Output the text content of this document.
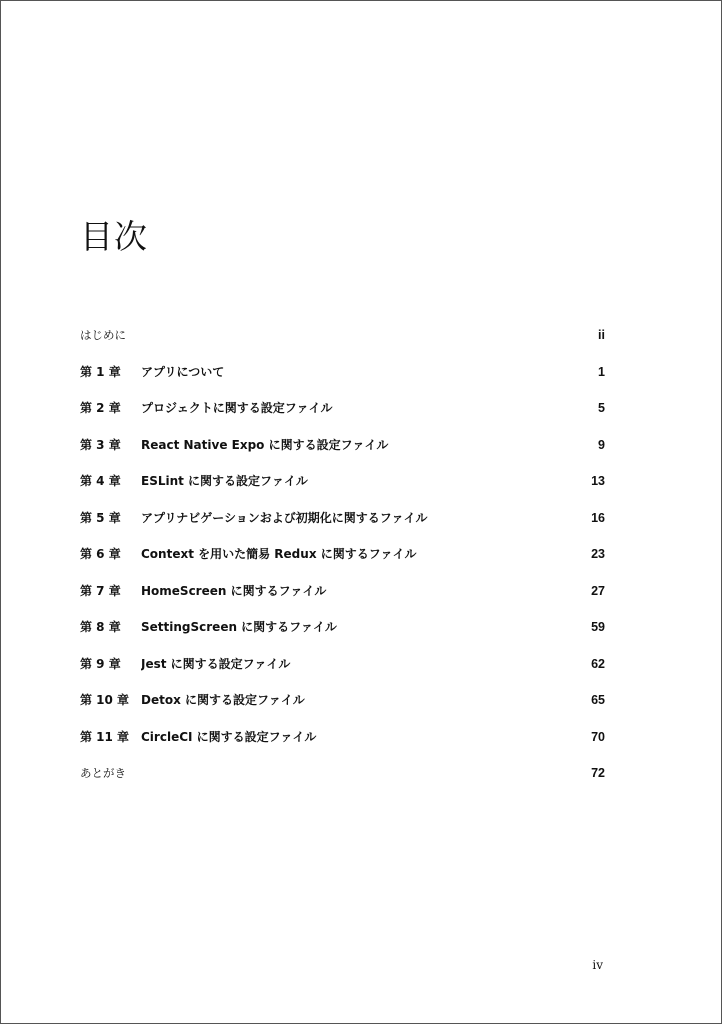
目次
はじめに	ii
第 1 章	アプリについて	1
第 2 章	プロジェクトに関する設定ファイル	5
第 3 章	React Native Expo に関する設定ファイル	9
第 4 章	ESLint に関する設定ファイル	13
第 5 章	アプリナビゲーションおよび初期化に関するファイル	16
第 6 章	Context を用いた簡易 Redux に関するファイル	23
第 7 章	HomeScreen に関するファイル	27
第 8 章	SettingScreen に関するファイル	59
第 9 章	Jest に関する設定ファイル	62
第 10 章 Detox に関する設定ファイル	65
第 11 章 CircleCI に関する設定ファイル	70
あとがき	72
iv
